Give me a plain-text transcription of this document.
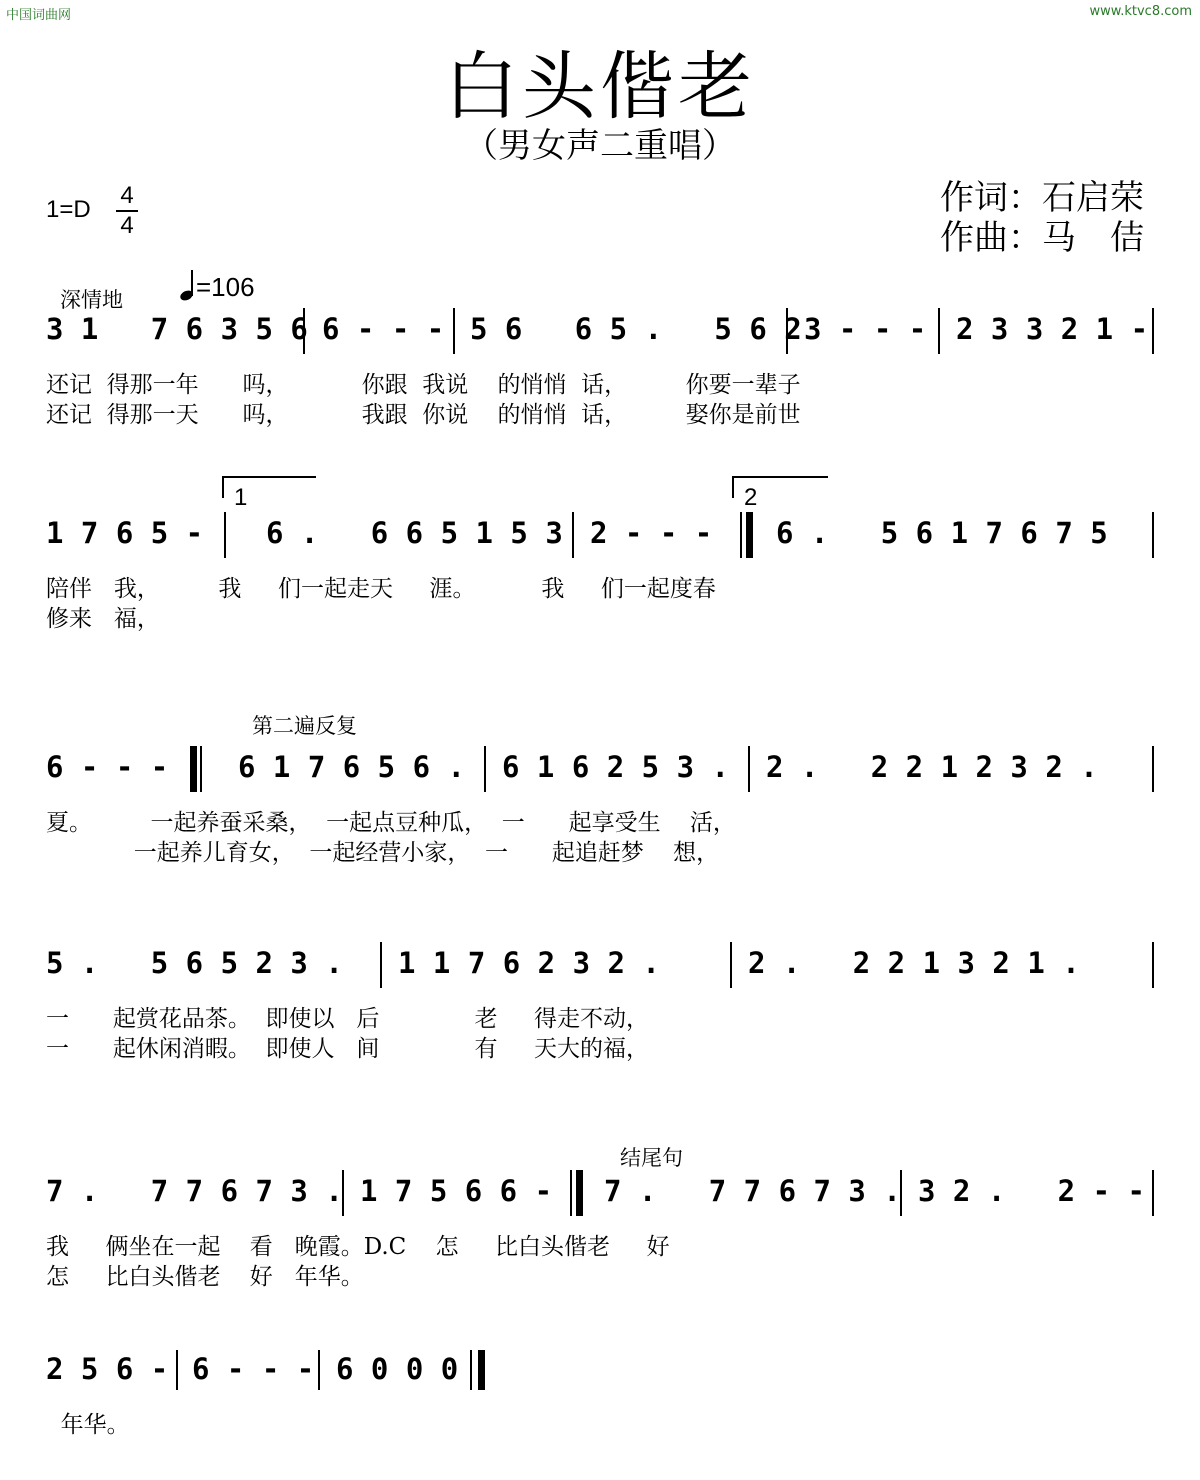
中国词曲网	www.ktvc8.com
白头偕老
（男女声二重唱）
作词：石启荣
作曲：马　佶
1=D
4
4
深情地	=106
3 1   7 6 3 5 6 6 - - - 5 6   6 5 .   5 6 2 3 - - - 2 3 3 2 1 -
还记  得那一年      吗，          你跟  我说    的悄悄  话，        你要一辈子
还记  得那一天      吗，          我跟  你说    的悄悄  话，        娶你是前世
1	2
1 7 6 5 - 6 .   6 6 5 1 5 3 2 - - - 6 .   5 6 1 7 6 7 5
陪伴   我，        我     们一起走天     涯。         我     们一起度春
修来   福，
第二遍反复
6 - - - 6 1 7 6 5 6 . 6 1 6 2 5 3 . 2 .   2 2 1 2 3 2 .
夏。        一起养蚕采桑，  一起点豆种瓜，  一      起享受生    活，
一起养儿育女，  一起经营小家，  一      起追赶梦    想，
5 .   5 6 5 2 3 . 1 1 7 6 2 3 2 .	2 .   2 2 1 3 2 1 .
一      起赏花品茶。  即使以   后             老     得走不动，
一      起休闲消暇。  即使人   间             有     天大的福，
结尾句
7 .   7 7 6 7 3 . 1 7 5 6 6 - 7 .   7 7 6 7 3 . 3 2 .   2 - -
我     俩坐在一起    看   晚霞。D.C    怎     比白头偕老     好
怎     比白头偕老    好   年华。
2 5 6 - 6 - - - 6 0 0 0
年华。
